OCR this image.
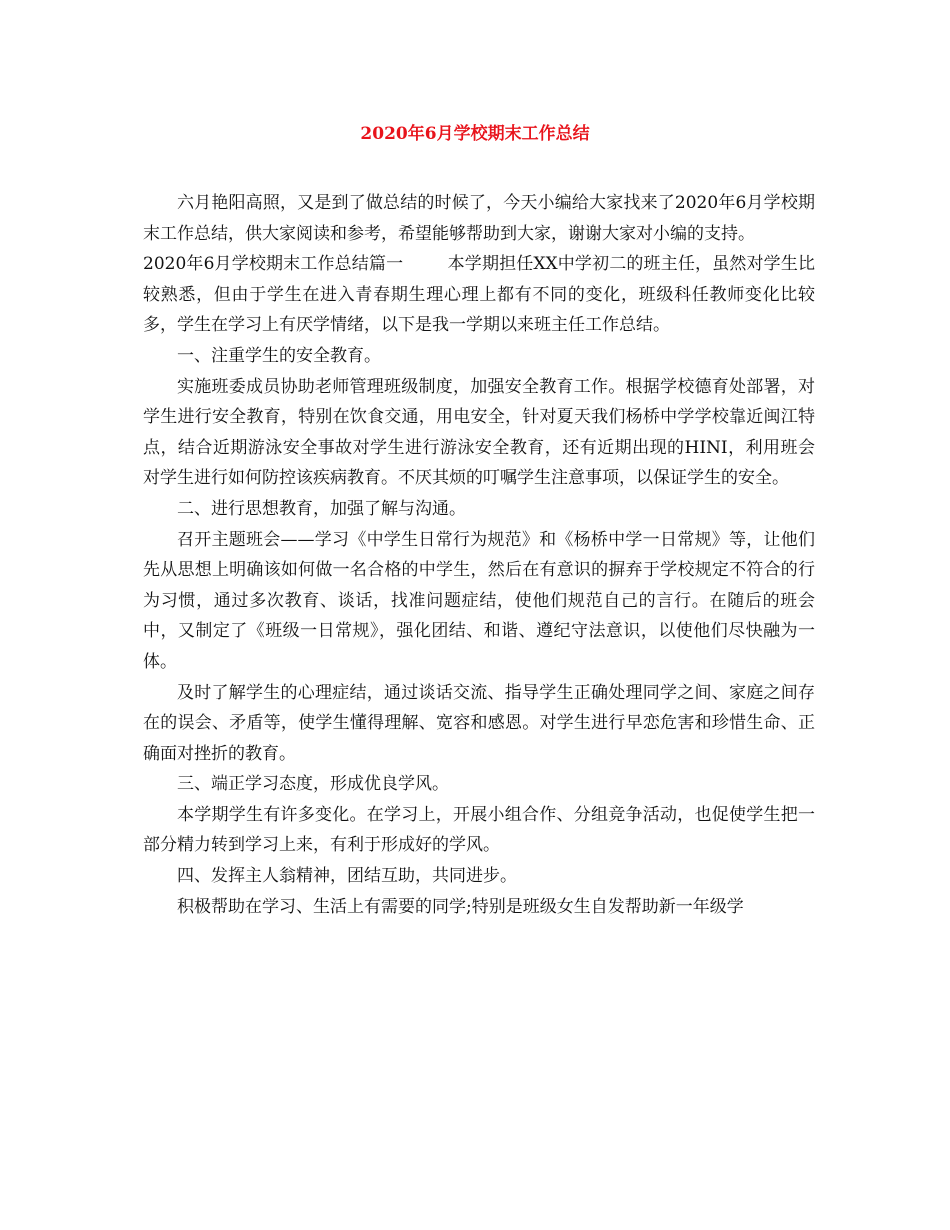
2020年6月学校期末工作总结

六月艳阳高照，又是到了做总结的时候了，今天小编给大家找来了2020年6月学校期末工作总结，供大家阅读和参考，希望能够帮助到大家，谢谢大家对小编的支持。

2020年6月学校期末工作总结篇一	本学期担任XX中学初二的班主任，虽然对学生比较熟悉，但由于学生在进入青春期生理心理上都有不同的变化，班级科任教师变化比较多，学生在学习上有厌学情绪，以下是我一学期以来班主任工作总结。

一、注重学生的安全教育。

实施班委成员协助老师管理班级制度，加强安全教育工作。根据学校德育处部署，对学生进行安全教育，特别在饮食交通，用电安全，针对夏天我们杨桥中学学校靠近闽江特点，结合近期游泳安全事故对学生进行游泳安全教育，还有近期出现的HINI，利用班会对学生进行如何防控该疾病教育。不厌其烦的叮嘱学生注意事项，以保证学生的安全。

二、进行思想教育，加强了解与沟通。

召开主题班会——学习《中学生日常行为规范》和《杨桥中学一日常规》等，让他们先从思想上明确该如何做一名合格的中学生，然后在有意识的摒弃于学校规定不符合的行为习惯，通过多次教育、谈话，找准问题症结，使他们规范自己的言行。在随后的班会中，又制定了《班级一日常规》，强化团结、和谐、遵纪守法意识，以使他们尽快融为一体。

及时了解学生的心理症结，通过谈话交流、指导学生正确处理同学之间、家庭之间存在的误会、矛盾等，使学生懂得理解、宽容和感恩。对学生进行早恋危害和珍惜生命、正确面对挫折的教育。

三、端正学习态度，形成优良学风。

本学期学生有许多变化。在学习上，开展小组合作、分组竞争活动，也促使学生把一部分精力转到学习上来，有利于形成好的学风。

四、发挥主人翁精神，团结互助，共同进步。

积极帮助在学习、生活上有需要的同学;特别是班级女生自发帮助新一年级学
